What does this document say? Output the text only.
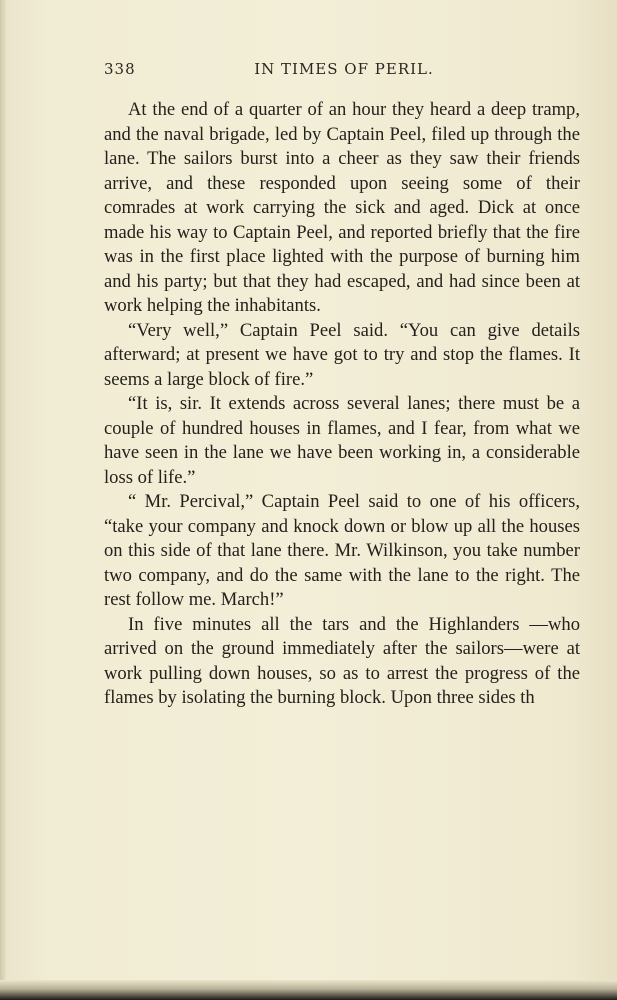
338	IN TIMES OF PERIL.

At the end of a quarter of an hour they heard a deep tramp, and the naval brigade, led by Captain Peel, filed up through the lane. The sailors burst into a cheer as they saw their friends arrive, and these responded upon seeing some of their comrades at work carrying the sick and aged. Dick at once made his way to Captain Peel, and reported briefly that the fire was in the first place lighted with the purpose of burning him and his party; but that they had escaped, and had since been at work helping the inhabitants.

“Very well,” Captain Peel said. “You can give details afterward; at present we have got to try and stop the flames. It seems a large block of fire.”

“It is, sir. It extends across several lanes; there must be a couple of hundred houses in flames, and I fear, from what we have seen in the lane we have been working in, a considerable loss of life.”

“ Mr. Percival,” Captain Peel said to one of his officers, “take your company and knock down or blow up all the houses on this side of that lane there. Mr. Wilkinson, you take number two company, and do the same with the lane to the right. The rest follow me. March!”

In five minutes all the tars and the Highlanders —who arrived on the ground immediately after the sailors—were at work pulling down houses, so as to arrest the progress of the flames by isolating the burning block. Upon three sides th
